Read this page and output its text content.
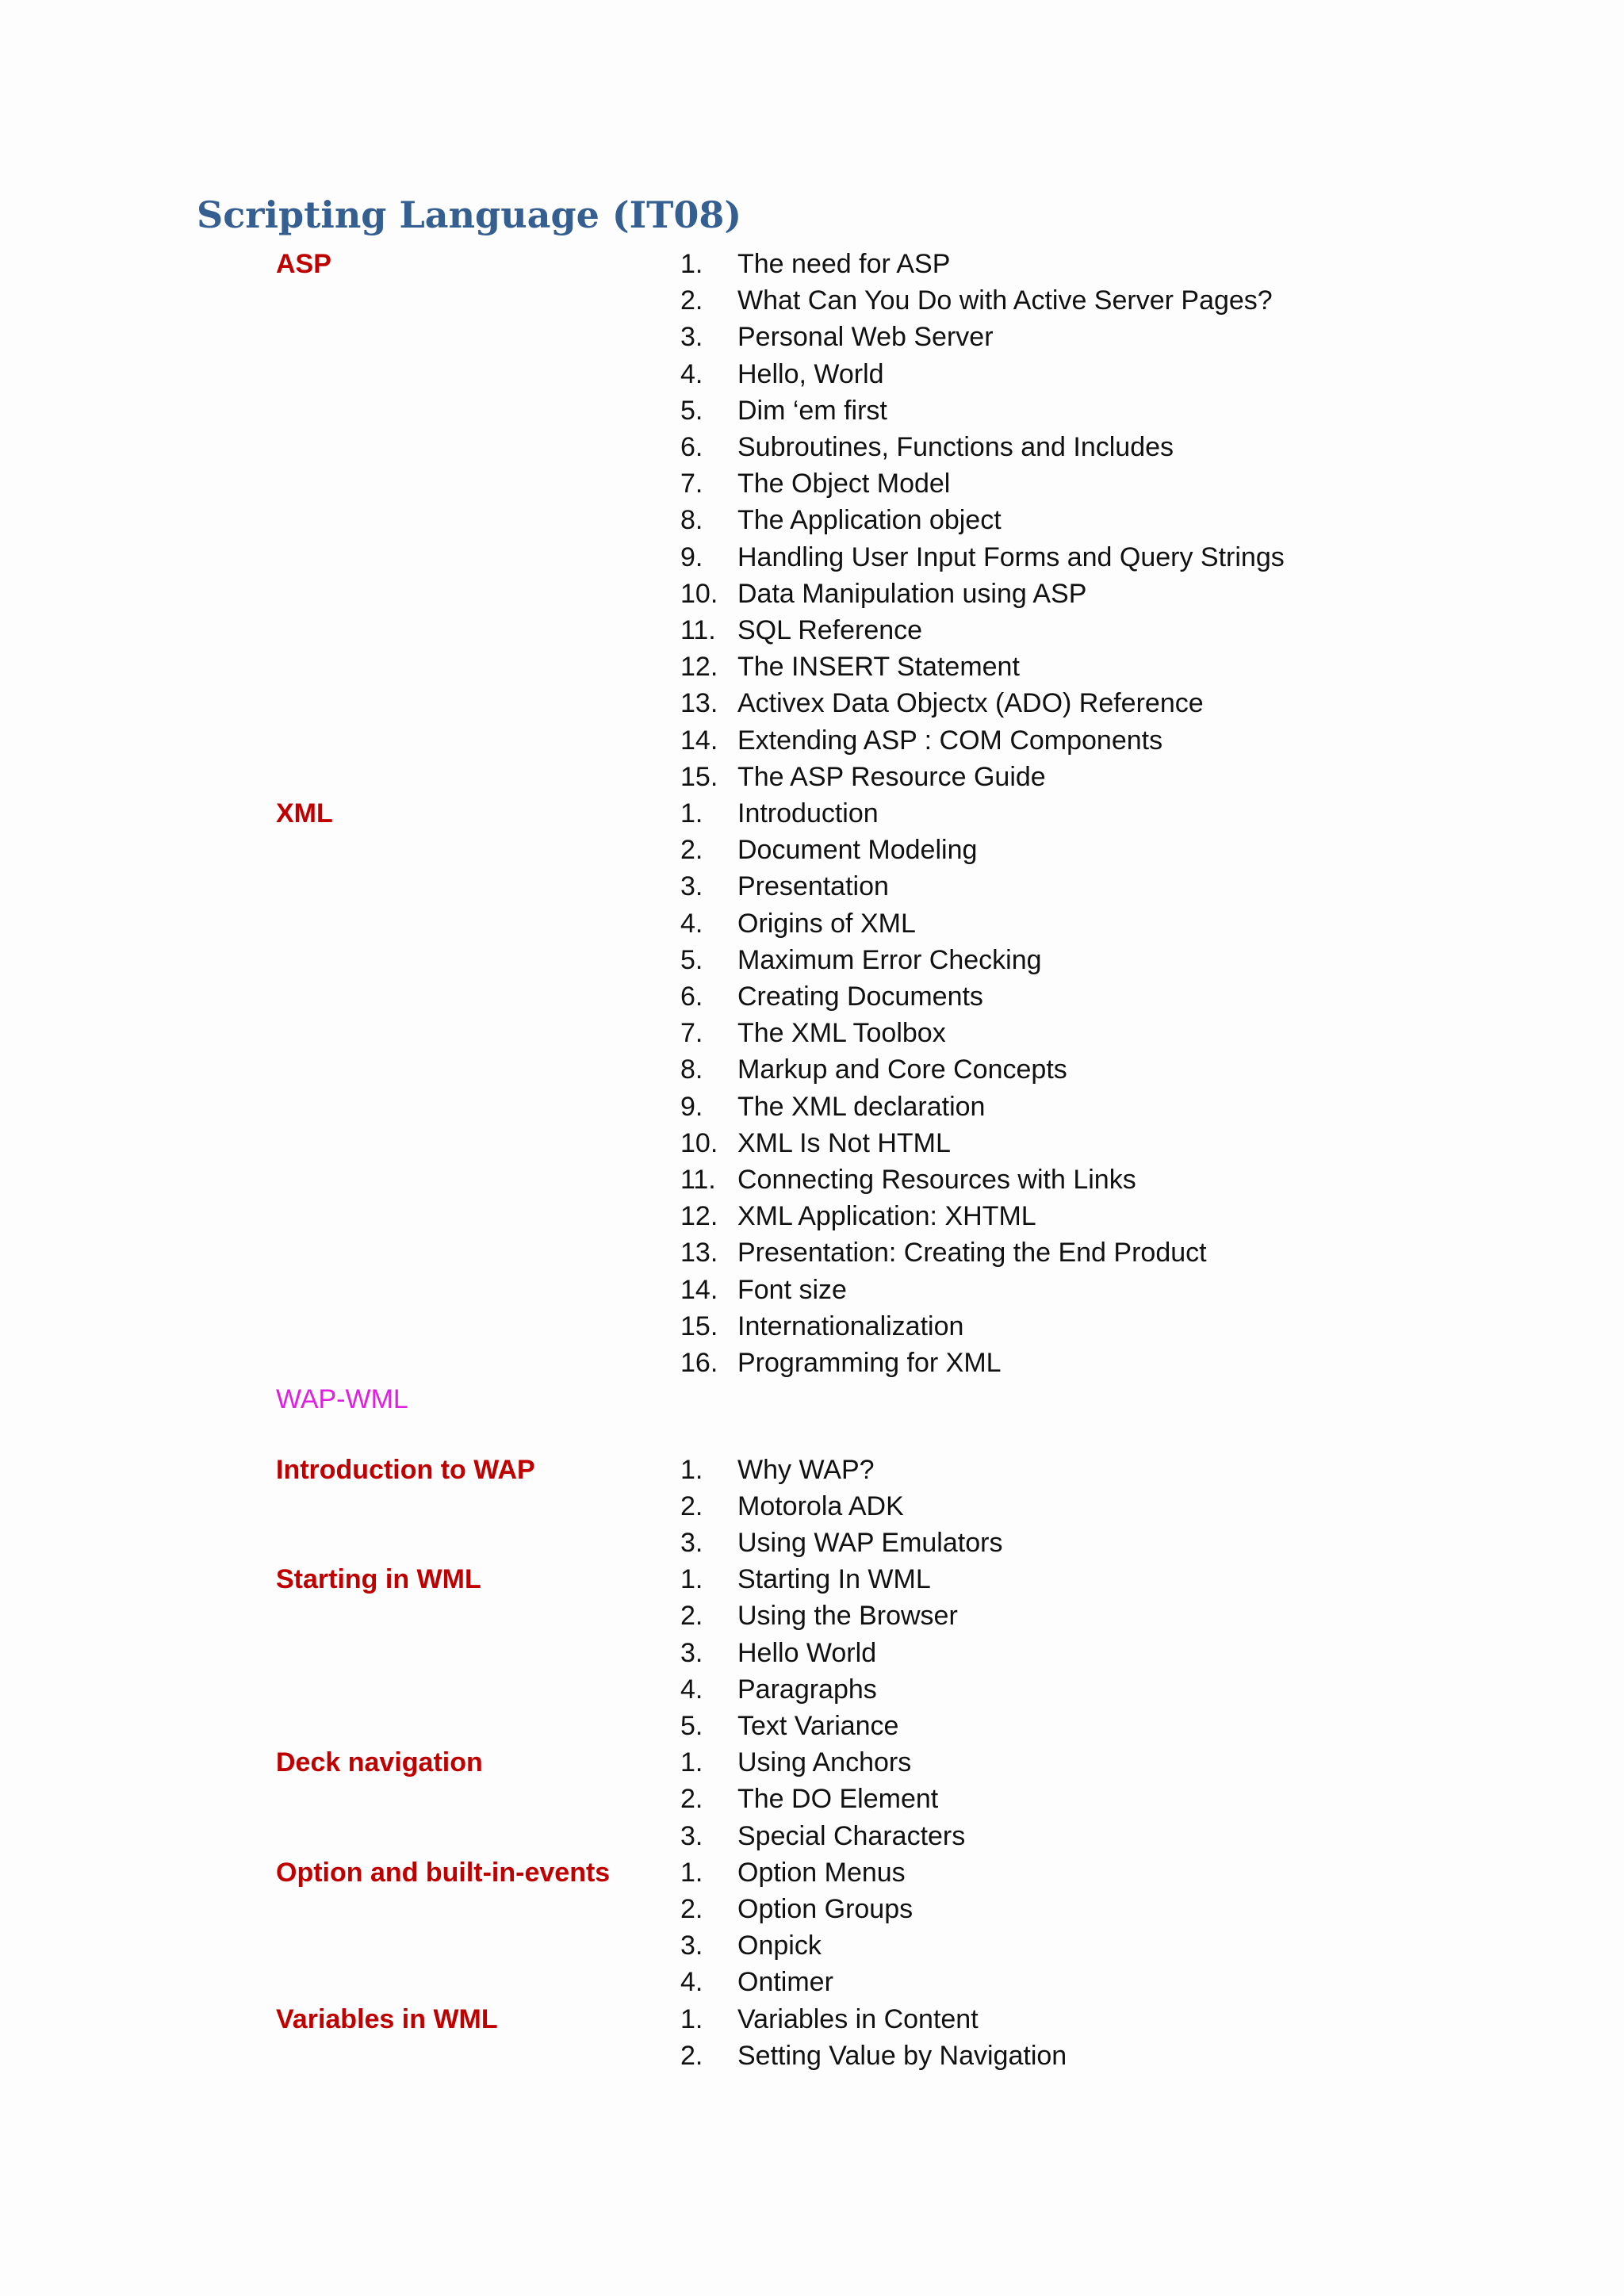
Scripting Language (IT08)
ASP	1.	The need for ASP
2.	What Can You Do with Active Server Pages?
3.	Personal Web Server
4.	Hello, World
5.	Dim ‘em first
6.	Subroutines, Functions and Includes
7.	The Object Model
8.	The Application object
9.	Handling User Input Forms and Query Strings
10. Data Manipulation using ASP
11. SQL Reference
12. The INSERT Statement
13. Activex Data Objectx (ADO) Reference
14. Extending ASP : COM Components
15. The ASP Resource Guide
XML	1.	Introduction
2.	Document Modeling
3.	Presentation
4.	Origins of XML
5.	Maximum Error Checking
6.	Creating Documents
7.	The XML Toolbox
8.	Markup and Core Concepts
9.	The XML declaration
10. XML Is Not HTML
11. Connecting Resources with Links
12. XML Application: XHTML
13. Presentation: Creating the End Product
14. Font size
15. Internationalization
16. Programming for XML
WAP-WML
Introduction to WAP	1.	Why WAP?
2.	Motorola ADK
3.	Using WAP Emulators
Starting in WML	1.	Starting In WML
2.	Using the Browser
3.	Hello World
4.	Paragraphs
5.	Text Variance
Deck navigation	1.	Using Anchors
2.	The DO Element
3.	Special Characters
Option and built-in-events	1.	Option Menus
2.	Option Groups
3.	Onpick
4.	Ontimer
Variables in WML	1.	Variables in Content
2.	Setting Value by Navigation
